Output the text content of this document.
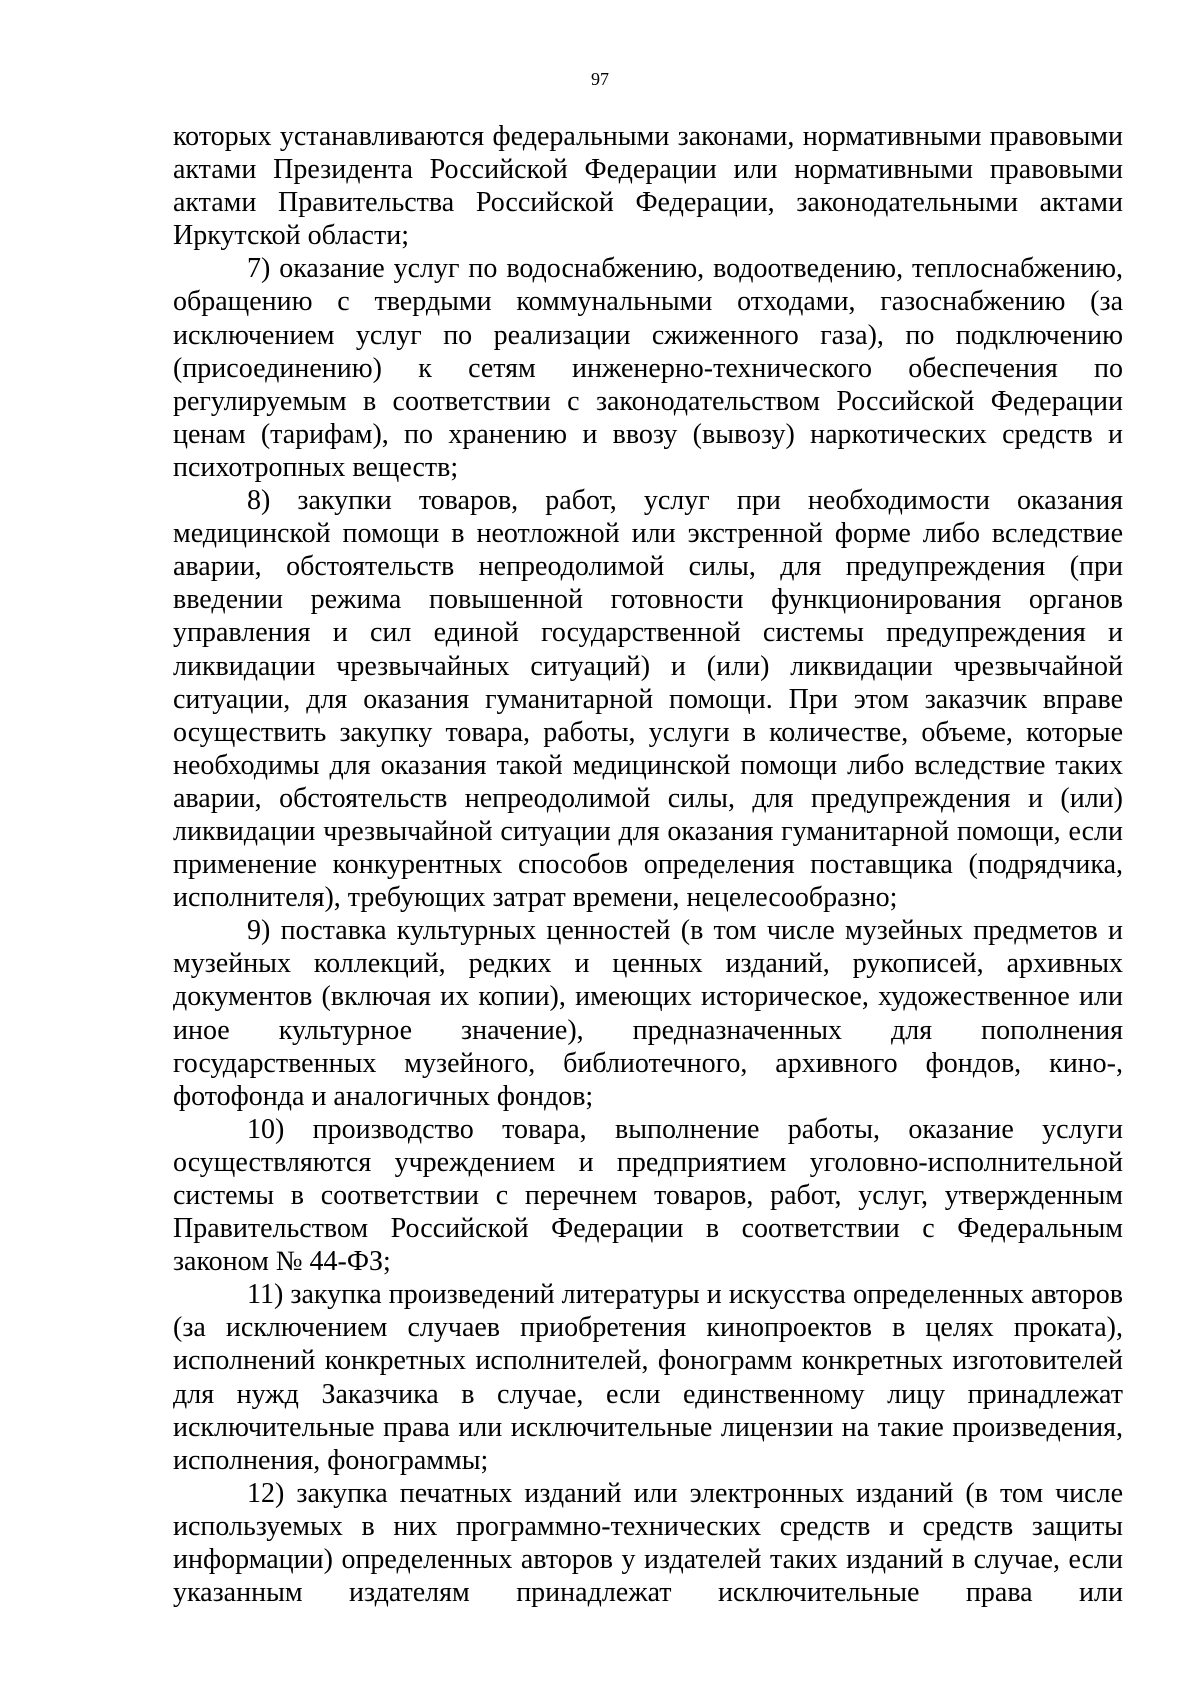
97

которых устанавливаются федеральными законами, нормативными правовыми актами Президента Российской Федерации или нормативными правовыми актами Правительства Российской Федерации, законодательными актами Иркутской области;

7) оказание услуг по водоснабжению, водоотведению, теплоснабжению, обращению с твердыми коммунальными отходами, газоснабжению (за исключением услуг по реализации сжиженного газа), по подключению (присоединению) к сетям инженерно-технического обеспечения по регулируемым в соответствии с законодательством Российской Федерации ценам (тарифам), по хранению и ввозу (вывозу) наркотических средств и психотропных веществ;

8) закупки товаров, работ, услуг при необходимости оказания медицинской помощи в неотложной или экстренной форме либо вследствие аварии, обстоятельств непреодолимой силы, для предупреждения (при введении режима повышенной готовности функционирования органов управления и сил единой государственной системы предупреждения и ликвидации чрезвычайных ситуаций) и (или) ликвидации чрезвычайной ситуации, для оказания гуманитарной помощи. При этом заказчик вправе осуществить закупку товара, работы, услуги в количестве, объеме, которые необходимы для оказания такой медицинской помощи либо вследствие таких аварии, обстоятельств непреодолимой силы, для предупреждения и (или) ликвидации чрезвычайной ситуации для оказания гуманитарной помощи, если применение конкурентных способов определения поставщика (подрядчика, исполнителя), требующих затрат времени, нецелесообразно;

9) поставка культурных ценностей (в том числе музейных предметов и музейных коллекций, редких и ценных изданий, рукописей, архивных документов (включая их копии), имеющих историческое, художественное или иное культурное значение), предназначенных для пополнения государственных музейного, библиотечного, архивного фондов, кино-, фотофонда и аналогичных фондов;

10) производство товара, выполнение работы, оказание услуги осуществляются учреждением и предприятием уголовно-исполнительной системы в соответствии с перечнем товаров, работ, услуг, утвержденным Правительством Российской Федерации в соответствии с Федеральным законом № 44-ФЗ;

11) закупка произведений литературы и искусства определенных авторов (за исключением случаев приобретения кинопроектов в целях проката), исполнений конкретных исполнителей, фонограмм конкретных изготовителей для нужд Заказчика в случае, если единственному лицу принадлежат исключительные права или исключительные лицензии на такие произведения, исполнения, фонограммы;

12) закупка печатных изданий или электронных изданий (в том числе используемых в них программно-технических средств и средств защиты информации) определенных авторов у издателей таких изданий в случае, если указанным издателям принадлежат исключительные права или
